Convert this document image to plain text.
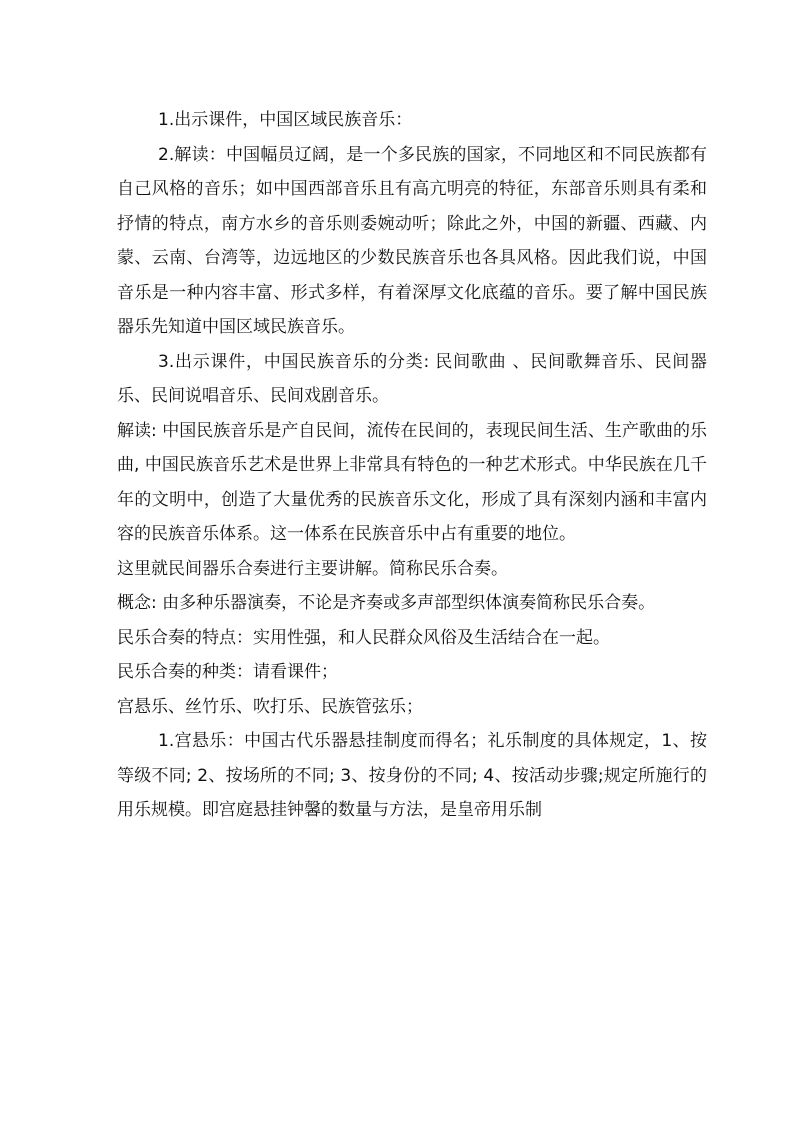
1.出示课件，中国区域民族音乐：

2.解读：中国幅员辽阔，是一个多民族的国家，不同地区和不同民族都有自己风格的音乐；如中国西部音乐且有高亢明亮的特征，东部音乐则具有柔和抒情的特点，南方水乡的音乐则委婉动听；除此之外，中国的新疆、西藏、内蒙、云南、台湾等，边远地区的少数民族音乐也各具风格。因此我们说，中国音乐是一种内容丰富、形式多样，有着深厚文化底蕴的音乐。要了解中国民族器乐先知道中国区域民族音乐。

3.出示课件，中国民族音乐的分类: 民间歌曲 、民间歌舞音乐、民间器乐、民间说唱音乐、民间戏剧音乐。

解读: 中国民族音乐是产自民间，流传在民间的，表现民间生活、生产歌曲的乐曲, 中国民族音乐艺术是世界上非常具有特色的一种艺术形式。中华民族在几千年的文明中，创造了大量优秀的民族音乐文化，形成了具有深刻内涵和丰富内容的民族音乐体系。这一体系在民族音乐中占有重要的地位。

这里就民间器乐合奏进行主要讲解。简称民乐合奏。

概念: 由多种乐器演奏，不论是齐奏或多声部型织体演奏简称民乐合奏。

民乐合奏的特点：实用性强，和人民群众风俗及生活结合在一起。

民乐合奏的种类：请看课件；

宫悬乐、丝竹乐、吹打乐、民族管弦乐；

1.宫悬乐：中国古代乐器悬挂制度而得名；礼乐制度的具体规定，1、按等级不同; 2、按场所的不同; 3、按身份的不同; 4、按活动步骤;规定所施行的用乐规模。即宫庭悬挂钟馨的数量与方法，是皇帝用乐制
